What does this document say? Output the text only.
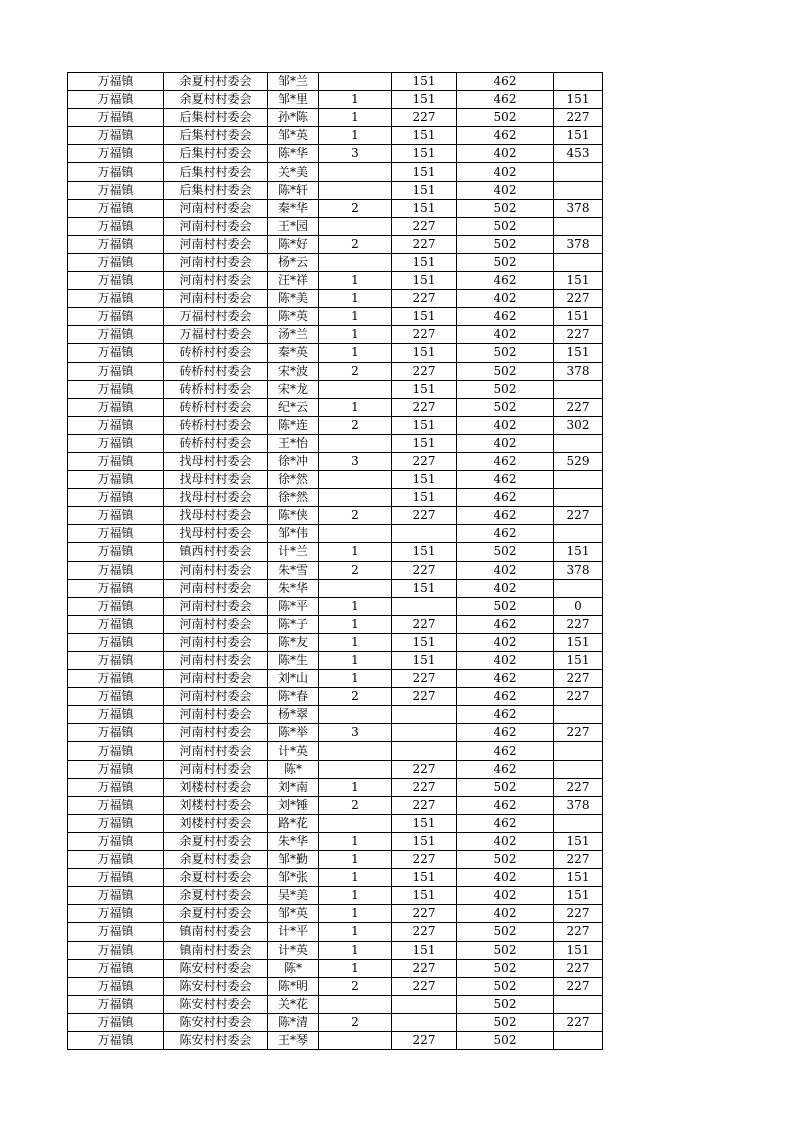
万福镇	余夏村村委会	邹*兰		151	462	
万福镇	余夏村村委会	邹*里	1	151	462	151
万福镇	后集村村委会	孙*陈	1	227	502	227
万福镇	后集村村委会	邹*英	1	151	462	151
万福镇	后集村村委会	陈*华	3	151	402	453
万福镇	后集村村委会	关*美		151	402	
万福镇	后集村村委会	陈*轩		151	402	
万福镇	河南村村委会	秦*华	2	151	502	378
万福镇	河南村村委会	王*园		227	502	
万福镇	河南村村委会	陈*好	2	227	502	378
万福镇	河南村村委会	杨*云		151	502	
万福镇	河南村村委会	汪*祥	1	151	462	151
万福镇	河南村村委会	陈*美	1	227	402	227
万福镇	万福村村委会	陈*英	1	151	462	151
万福镇	万福村村委会	汤*兰	1	227	402	227
万福镇	砖桥村村委会	秦*英	1	151	502	151
万福镇	砖桥村村委会	宋*波	2	227	502	378
万福镇	砖桥村村委会	宋*龙		151	502	
万福镇	砖桥村村委会	纪*云	1	227	502	227
万福镇	砖桥村村委会	陈*连	2	151	402	302
万福镇	砖桥村村委会	王*怡		151	402	
万福镇	找母村村委会	徐*冲	3	227	462	529
万福镇	找母村村委会	徐*然		151	462	
万福镇	找母村村委会	徐*然		151	462	
万福镇	找母村村委会	陈*侠	2	227	462	227
万福镇	找母村村委会	邹*伟			462	
万福镇	镇西村村委会	计*兰	1	151	502	151
万福镇	河南村村委会	朱*雪	2	227	402	378
万福镇	河南村村委会	朱*华		151	402	
万福镇	河南村村委会	陈*平	1		502	0
万福镇	河南村村委会	陈*子	1	227	462	227
万福镇	河南村村委会	陈*友	1	151	402	151
万福镇	河南村村委会	陈*生	1	151	402	151
万福镇	河南村村委会	刘*山	1	227	462	227
万福镇	河南村村委会	陈*春	2	227	462	227
万福镇	河南村村委会	杨*翠			462	
万福镇	河南村村委会	陈*举	3		462	227
万福镇	河南村村委会	计*英			462	
万福镇	河南村村委会	陈*		227	462	
万福镇	刘楼村村委会	刘*南	1	227	502	227
万福镇	刘楼村村委会	刘*锤	2	227	462	378
万福镇	刘楼村村委会	路*花		151	462	
万福镇	余夏村村委会	朱*华	1	151	402	151
万福镇	余夏村村委会	邹*勤	1	227	502	227
万福镇	余夏村村委会	邹*张	1	151	402	151
万福镇	余夏村村委会	吴*美	1	151	402	151
万福镇	余夏村村委会	邹*英	1	227	402	227
万福镇	镇南村村委会	计*平	1	227	502	227
万福镇	镇南村村委会	计*英	1	151	502	151
万福镇	陈安村村委会	陈*	1	227	502	227
万福镇	陈安村村委会	陈*明	2	227	502	227
万福镇	陈安村村委会	关*花			502	
万福镇	陈安村村委会	陈*清	2		502	227
万福镇	陈安村村委会	王*琴		227	502	
